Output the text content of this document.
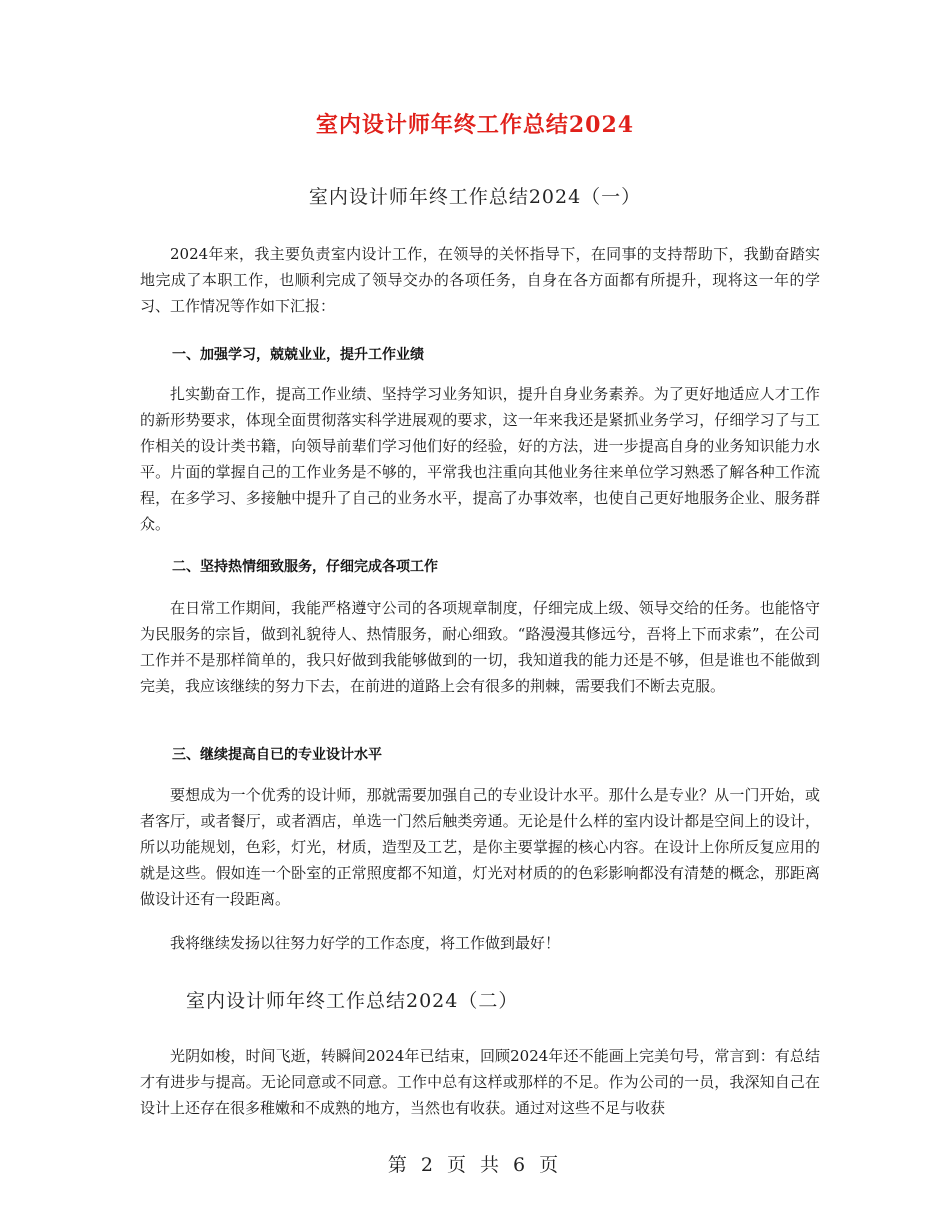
室内设计师年终工作总结2024
室内设计师年终工作总结2024（一）

2024年来，我主要负责室内设计工作，在领导的关怀指导下，在同事的支持帮助下，我勤奋踏实地完成了本职工作，也顺利完成了领导交办的各项任务，自身在各方面都有所提升，现将这一年的学习、工作情况等作如下汇报：

一、加强学习，兢兢业业，提升工作业绩

扎实勤奋工作，提高工作业绩、坚持学习业务知识，提升自身业务素养。为了更好地适应人才工作的新形势要求，体现全面贯彻落实科学进展观的要求，这一年来我还是紧抓业务学习，仔细学习了与工作相关的设计类书籍，向领导前辈们学习他们好的经验，好的方法，进一步提高自身的业务知识能力水平。片面的掌握自己的工作业务是不够的，平常我也注重向其他业务往来单位学习熟悉了解各种工作流程，在多学习、多接触中提升了自己的业务水平，提高了办事效率，也使自己更好地服务企业、服务群众。

二、坚持热情细致服务，仔细完成各项工作

在日常工作期间，我能严格遵守公司的各项规章制度，仔细完成上级、领导交给的任务。也能恪守为民服务的宗旨，做到礼貌待人、热情服务，耐心细致。“路漫漫其修远兮，吾将上下而求索”，在公司工作并不是那样简单的，我只好做到我能够做到的一切，我知道我的能力还是不够，但是谁也不能做到完美，我应该继续的努力下去，在前进的道路上会有很多的荆棘，需要我们不断去克服。

三、继续提高自已的专业设计水平

要想成为一个优秀的设计师，那就需要加强自己的专业设计水平。那什么是专业？从一门开始，或者客厅，或者餐厅，或者酒店，单选一门然后触类旁通。无论是什么样的室内设计都是空间上的设计，所以功能规划，色彩，灯光，材质，造型及工艺，是你主要掌握的核心内容。在设计上你所反复应用的就是这些。假如连一个卧室的正常照度都不知道，灯光对材质的的色彩影响都没有清楚的概念，那距离做设计还有一段距离。

我将继续发扬以往努力好学的工作态度，将工作做到最好！

室内设计师年终工作总结2024（二）

光阴如梭，时间飞逝，转瞬间2024年已结束，回顾2024年还不能画上完美句号，常言到：有总结才有进步与提高。无论同意或不同意。工作中总有这样或那样的不足。作为公司的一员，我深知自己在设计上还存在很多稚嫩和不成熟的地方，当然也有收获。通过对这些不足与收获

第 2 页 共 6 页
